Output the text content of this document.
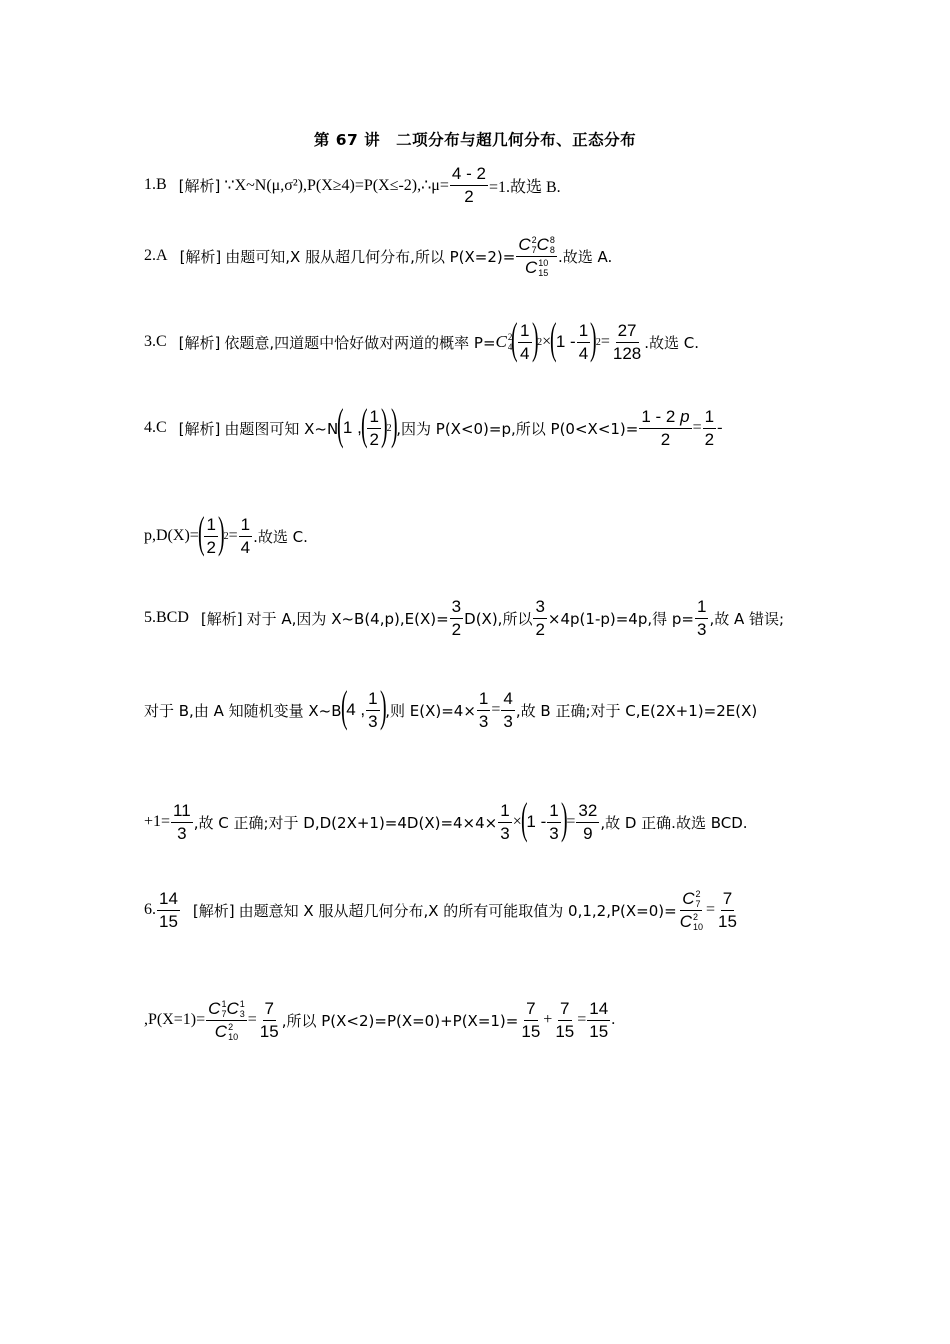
第 67 讲　二项分布与超几何分布、正态分布
1.B
[解析]
∵X~N(μ,σ²),P(X≥4)=P(X≤-2),∴μ= $\frac{4 - 2}{2} =1$.故选 B.
2.A
[解析]
由题可知,X 服从超几何分布,所以 P(X=2)= C 2
7 C 8
8
C 10
15 .故选 A.
3.C
[解析]
依题意,四道题中恰好做对两道的概率 P= C 2
4 ( 1
4 ) 2 × ( 1 -
1
4 ) 2 =
27
128
.故选 C.
4.C
[解析]
由题图可知 X~N ( 1 , ( 1
2 ) 2 ) ,因为 P(X<0)=p,所以 $P(0<X<1)= \frac{1 - 2 p}{2}$ =
1
2
-
p,D(X)= ( 1
2 ) 2 =
1
4
.故选 C.
5.BCD
[解析]
对于 A,因为 X~B(4,p),E(X)= $\frac{3}{2} D(X)$,所以 $\frac{3}{2} \times 4p(1-p)=4p$,得 $p= \frac{1}{3}$ ,故 A 错误;
对于 B,由 A 知随机变量 X~B ( 4 ,
1
3 ) ,则 $E(X)=4\times \frac{1}{3}$ =
4
3
,故 B 正确;对于 C,E(2X+1)=2E(X)
$+1= \frac{11}{3}$ ,故 C 正确;对于 $D,D(2X+1)=4D(X)=4\times 4\times \frac{1}{3}$ × ( 1 -
1
3 ) =
32
9
,故 D 正确.故选 BCD.
6.
14
15

[解析]
由题意知 X 服从超几何分布,X 的所有可能取值为 0,1,2,P(X=0)= C 2
7
C 2
10 =
7
15
,P(X=1)= C 1
7 C 1
3
C 2
10 =
7
15
,所以 $P(X<2)=P(X=0)+P(X=1)= \frac{7}{15}$ +
7
15
=
14
15
.
